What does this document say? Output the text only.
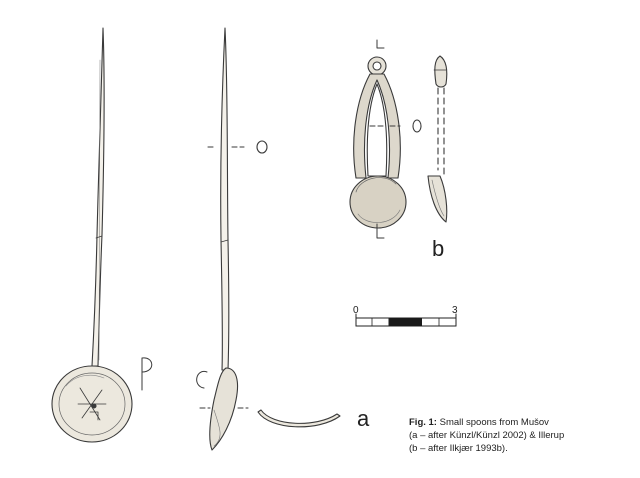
a
b
0	3
Fig. 1: Small spoons from Mušov
(a – after Künzl/Künzl 2002) & Illerup
(b – after Ilkjær 1993b).
